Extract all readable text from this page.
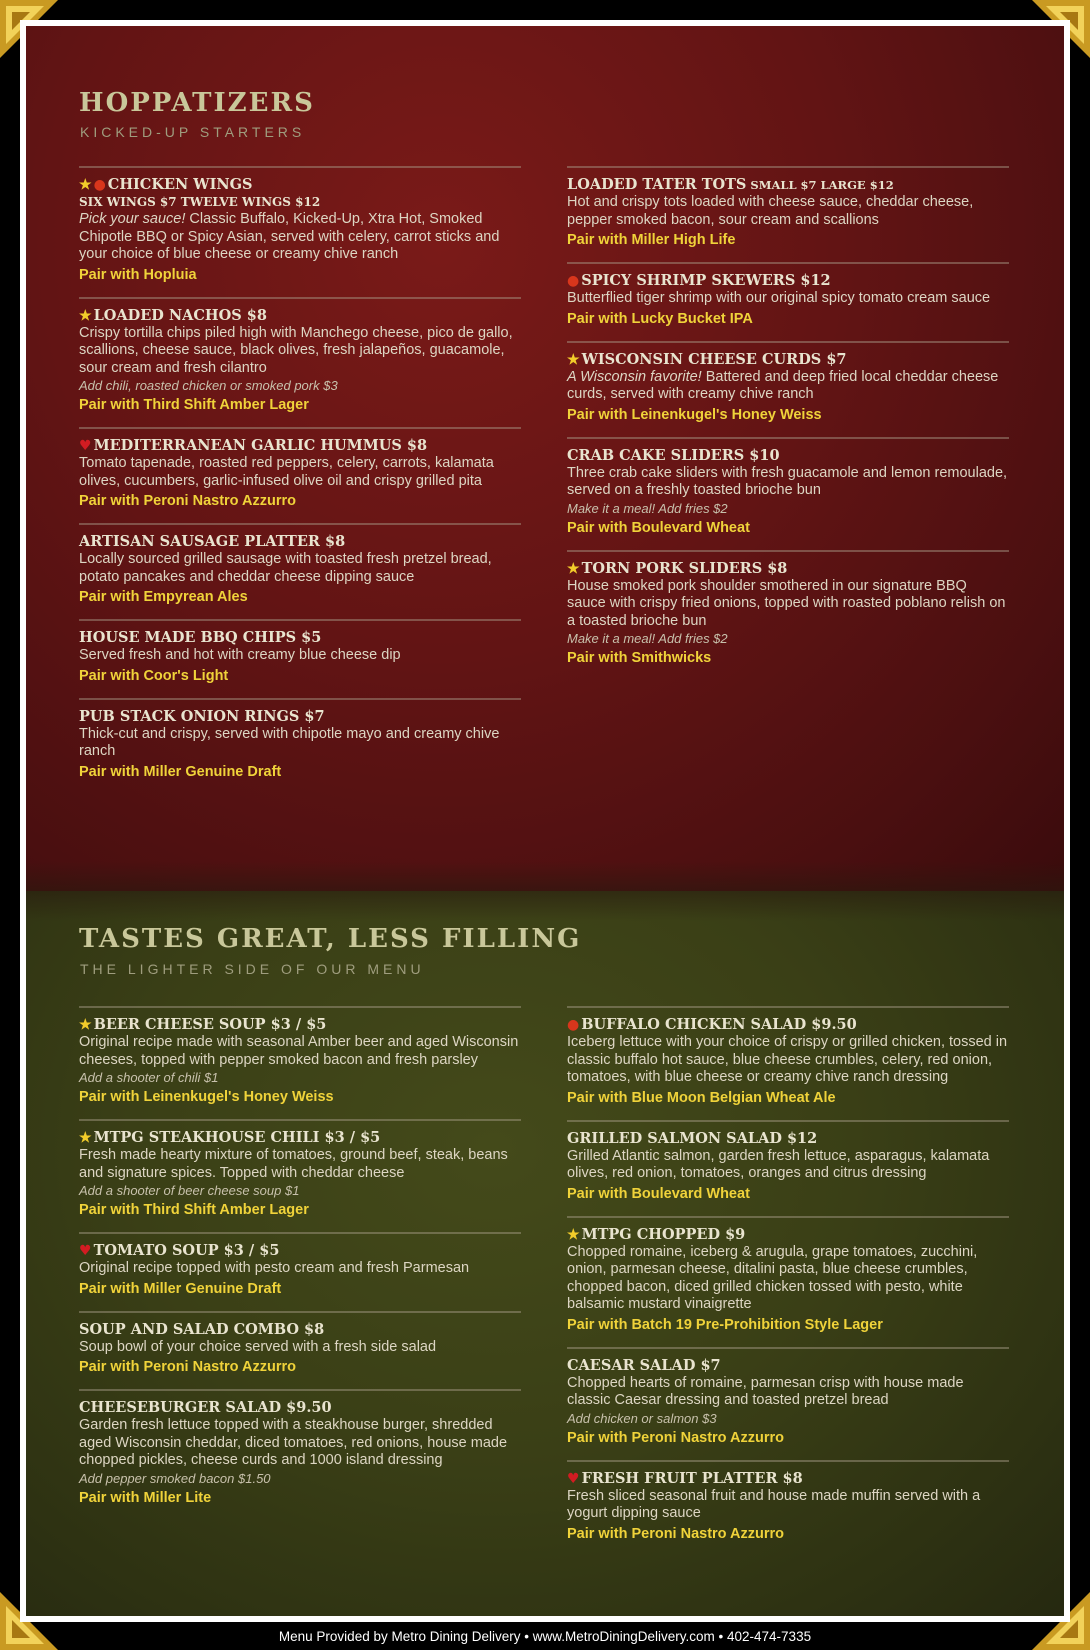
HOPPATIZERS
KICKED-UP STARTERS
★ ● CHICKEN WINGS
SIX WINGS $7 TWELVE WINGS $12
Pick your sauce! Classic Buffalo, Kicked-Up, Xtra Hot, Smoked Chipotle BBQ or Spicy Asian, served with celery, carrot sticks and your choice of blue cheese or creamy chive ranch
Pair with Hopluia
★ LOADED NACHOS $8
Crispy tortilla chips piled high with Manchego cheese, pico de gallo, scallions, cheese sauce, black olives, fresh jalapeños, guacamole, sour cream and fresh cilantro
Add chili, roasted chicken or smoked pork $3
Pair with Third Shift Amber Lager
♥ MEDITERRANEAN GARLIC HUMMUS $8
Tomato tapenade, roasted red peppers, celery, carrots, kalamata olives, cucumbers, garlic-infused olive oil and crispy grilled pita
Pair with Peroni Nastro Azzurro
ARTISAN SAUSAGE PLATTER $8
Locally sourced grilled sausage with toasted fresh pretzel bread, potato pancakes and cheddar cheese dipping sauce
Pair with Empyrean Ales
HOUSE MADE BBQ CHIPS $5
Served fresh and hot with creamy blue cheese dip
Pair with Coor's Light
PUB STACK ONION RINGS $7
Thick-cut and crispy, served with chipotle mayo and creamy chive ranch
Pair with Miller Genuine Draft
LOADED TATER TOTS SMALL $7 LARGE $12
Hot and crispy tots loaded with cheese sauce, cheddar cheese, pepper smoked bacon, sour cream and scallions
Pair with Miller High Life
● SPICY SHRIMP SKEWERS $12
Butterflied tiger shrimp with our original spicy tomato cream sauce
Pair with Lucky Bucket IPA
★ WISCONSIN CHEESE CURDS $7
A Wisconsin favorite! Battered and deep fried local cheddar cheese curds, served with creamy chive ranch
Pair with Leinenkugel's Honey Weiss
CRAB CAKE SLIDERS $10
Three crab cake sliders with fresh guacamole and lemon remoulade, served on a freshly toasted brioche bun
Make it a meal! Add fries $2
Pair with Boulevard Wheat
★ TORN PORK SLIDERS $8
House smoked pork shoulder smothered in our signature BBQ sauce with crispy fried onions, topped with roasted poblano relish on a toasted brioche bun
Make it a meal! Add fries $2
Pair with Smithwicks
TASTES GREAT, LESS FILLING
THE LIGHTER SIDE OF OUR MENU
★ BEER CHEESE SOUP $3 / $5
Original recipe made with seasonal Amber beer and aged Wisconsin cheeses, topped with pepper smoked bacon and fresh parsley
Add a shooter of chili $1
Pair with Leinenkugel's Honey Weiss
★ MTPG STEAKHOUSE CHILI $3 / $5
Fresh made hearty mixture of tomatoes, ground beef, steak, beans and signature spices. Topped with cheddar cheese
Add a shooter of beer cheese soup $1
Pair with Third Shift Amber Lager
♥ TOMATO SOUP $3 / $5
Original recipe topped with pesto cream and fresh Parmesan
Pair with Miller Genuine Draft
SOUP AND SALAD COMBO $8
Soup bowl of your choice served with a fresh side salad
Pair with Peroni Nastro Azzurro
CHEESEBURGER SALAD $9.50
Garden fresh lettuce topped with a steakhouse burger, shredded aged Wisconsin cheddar, diced tomatoes, red onions, house made chopped pickles, cheese curds and 1000 island dressing
Add pepper smoked bacon $1.50
Pair with Miller Lite
● BUFFALO CHICKEN SALAD $9.50
Iceberg lettuce with your choice of crispy or grilled chicken, tossed in classic buffalo hot sauce, blue cheese crumbles, celery, red onion, tomatoes, with blue cheese or creamy chive ranch dressing
Pair with Blue Moon Belgian Wheat Ale
GRILLED SALMON SALAD $12
Grilled Atlantic salmon, garden fresh lettuce, asparagus, kalamata olives, red onion, tomatoes, oranges and citrus dressing
Pair with Boulevard Wheat
★ MTPG CHOPPED $9
Chopped romaine, iceberg & arugula, grape tomatoes, zucchini, onion, parmesan cheese, ditalini pasta, blue cheese crumbles, chopped bacon, diced grilled chicken tossed with pesto, white balsamic mustard vinaigrette
Pair with Batch 19 Pre-Prohibition Style Lager
CAESAR SALAD $7
Chopped hearts of romaine, parmesan crisp with house made classic Caesar dressing and toasted pretzel bread
Add chicken or salmon $3
Pair with Peroni Nastro Azzurro
♥ FRESH FRUIT PLATTER $8
Fresh sliced seasonal fruit and house made muffin served with a yogurt dipping sauce
Pair with Peroni Nastro Azzurro
Menu Provided by Metro Dining Delivery • www.MetroDiningDelivery.com • 402-474-7335
